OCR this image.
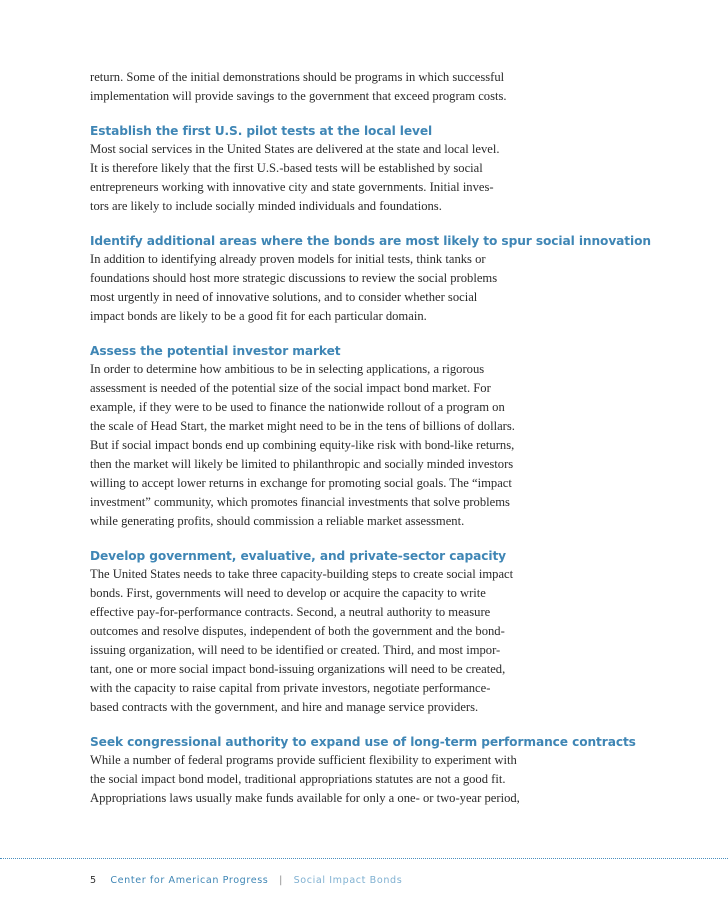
return. Some of the initial demonstrations should be programs in which successful
implementation will provide savings to the government that exceed program costs.

Establish the first U.S. pilot tests at the local level

Most social services in the United States are delivered at the state and local level.
It is therefore likely that the first U.S.-based tests will be established by social
entrepreneurs working with innovative city and state governments. Initial inves-
tors are likely to include socially minded individuals and foundations.

Identify additional areas where the bonds are most likely to spur social innovation

In addition to identifying already proven models for initial tests, think tanks or
foundations should host more strategic discussions to review the social problems
most urgently in need of innovative solutions, and to consider whether social
impact bonds are likely to be a good fit for each particular domain.

Assess the potential investor market

In order to determine how ambitious to be in selecting applications, a rigorous
assessment is needed of the potential size of the social impact bond market. For
example, if they were to be used to finance the nationwide rollout of a program on
the scale of Head Start, the market might need to be in the tens of billions of dollars.
But if social impact bonds end up combining equity-like risk with bond-like returns,
then the market will likely be limited to philanthropic and socially minded investors
willing to accept lower returns in exchange for promoting social goals. The “impact
investment” community, which promotes financial investments that solve problems
while generating profits, should commission a reliable market assessment.

Develop government, evaluative, and private-sector capacity

The United States needs to take three capacity-building steps to create social impact
bonds. First, governments will need to develop or acquire the capacity to write
effective pay-for-performance contracts. Second, a neutral authority to measure
outcomes and resolve disputes, independent of both the government and the bond-
issuing organization, will need to be identified or created. Third, and most impor-
tant, one or more social impact bond-issuing organizations will need to be created,
with the capacity to raise capital from private investors, negotiate performance-
based contracts with the government, and hire and manage service providers.

Seek congressional authority to expand use of long-term performance contracts

While a number of federal programs provide sufficient flexibility to experiment with
the social impact bond model, traditional appropriations statutes are not a good fit.
Appropriations laws usually make funds available for only a one- or two-year period,

5 Center for American Progress | Social Impact Bonds
